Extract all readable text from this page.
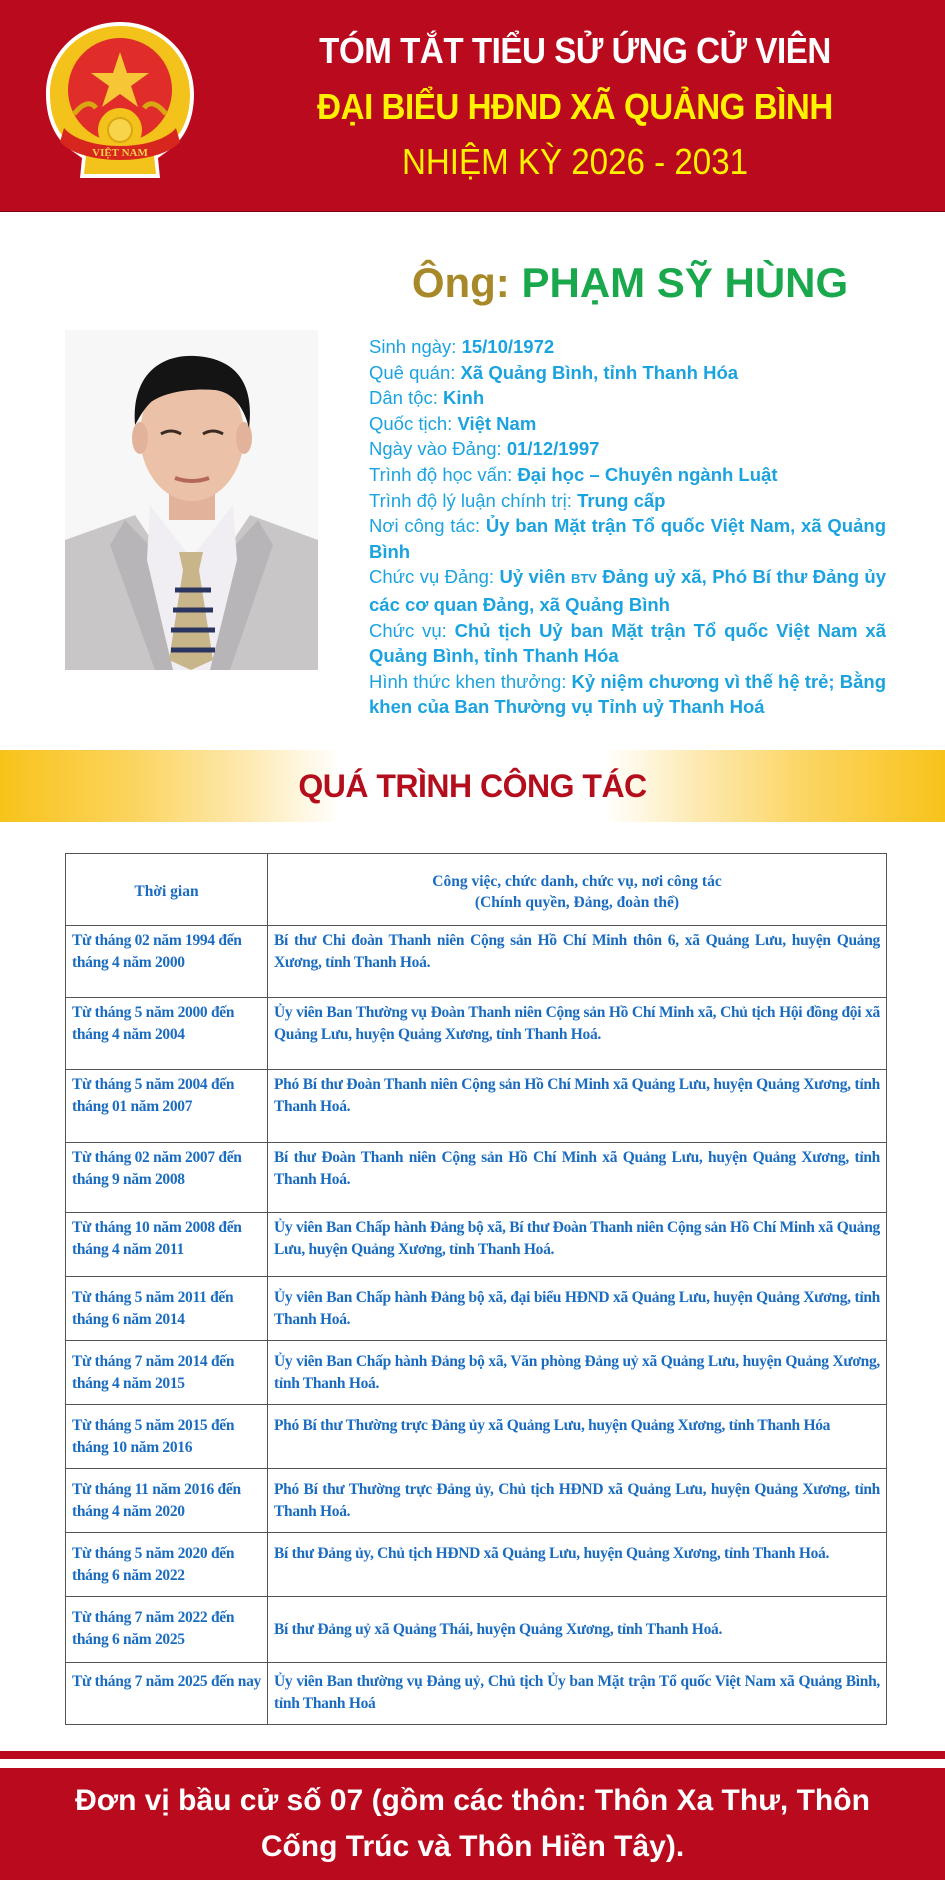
VIỆT NAM
TÓM TẮT TIỂU SỬ ỨNG CỬ VIÊN
ĐẠI BIỂU HĐND XÃ QUẢNG BÌNH
NHIỆM KỲ 2026 - 2031
Ông: PHẠM SỸ HÙNG
Sinh ngày: 15/10/1972
Quê quán: Xã Quảng Bình, tỉnh Thanh Hóa
Dân tộc: Kinh
Quốc tịch: Việt Nam
Ngày vào Đảng: 01/12/1997
Trình độ học vấn: Đại học – Chuyên ngành Luật
Trình độ lý luận chính trị: Trung cấp
Nơi công tác: Ủy ban Mặt trận Tổ quốc Việt Nam, xã Quảng Bình
Chức vụ Đảng: Uỷ viên BTV Đảng uỷ xã, Phó Bí thư Đảng ủy các cơ quan Đảng, xã Quảng Bình
Chức vụ: Chủ tịch Uỷ ban Mặt trận Tổ quốc Việt Nam xã Quảng Bình, tỉnh Thanh Hóa
Hình thức khen thưởng: Kỷ niệm chương vì thế hệ trẻ; Bằng khen của Ban Thường vụ Tỉnh uỷ Thanh Hoá
QUÁ TRÌNH CÔNG TÁC
Thời gian	Công việc, chức danh, chức vụ, nơi công tác
(Chính quyền, Đảng, đoàn thể)

Từ tháng 02 năm 1994 đến tháng 4 năm 2000	Bí thư Chi đoàn Thanh niên Cộng sản Hồ Chí Minh thôn 6, xã Quảng Lưu, huyện Quảng Xương, tỉnh Thanh Hoá.
Từ tháng 5 năm 2000 đến tháng 4 năm 2004	Ủy viên Ban Thường vụ Đoàn Thanh niên Cộng sản Hồ Chí Minh xã, Chủ tịch Hội đồng đội xã Quảng Lưu, huyện Quảng Xương, tỉnh Thanh Hoá.
Từ tháng 5 năm 2004 đến tháng 01 năm 2007	Phó Bí thư Đoàn Thanh niên Cộng sản Hồ Chí Minh xã Quảng Lưu, huyện Quảng Xương, tỉnh Thanh Hoá.
Từ tháng 02 năm 2007 đến tháng 9 năm 2008	Bí thư Đoàn Thanh niên Cộng sản Hồ Chí Minh xã Quảng Lưu, huyện Quảng Xương, tỉnh Thanh Hoá.
Từ tháng 10 năm 2008 đến tháng 4 năm 2011	Ủy viên Ban Chấp hành Đảng bộ xã, Bí thư Đoàn Thanh niên Cộng sản Hồ Chí Minh xã Quảng Lưu, huyện Quảng Xương, tỉnh Thanh Hoá.
Từ tháng 5 năm 2011 đến tháng 6 năm 2014	Ủy viên Ban Chấp hành Đảng bộ xã, đại biểu HĐND xã Quảng Lưu, huyện Quảng Xương, tỉnh Thanh Hoá.
Từ tháng 7 năm 2014 đến tháng 4 năm 2015	Ủy viên Ban Chấp hành Đảng bộ xã, Văn phòng Đảng uỷ xã Quảng Lưu, huyện Quảng Xương, tỉnh Thanh Hoá.
Từ tháng 5 năm 2015 đến tháng 10 năm 2016	Phó Bí thư Thường trực Đảng ủy xã Quảng Lưu, huyện Quảng Xương, tỉnh Thanh Hóa
Từ tháng 11 năm 2016 đến tháng 4 năm 2020	Phó Bí thư Thường trực Đảng ủy, Chủ tịch HĐND xã Quảng Lưu, huyện Quảng Xương, tỉnh Thanh Hoá.
Từ tháng 5 năm 2020 đến tháng 6 năm 2022	Bí thư Đảng ủy, Chủ tịch HĐND xã Quảng Lưu, huyện Quảng Xương, tỉnh Thanh Hoá.
Từ tháng 7 năm 2022 đến tháng 6 năm 2025	Bí thư Đảng uỷ xã Quảng Thái, huyện Quảng Xương, tỉnh Thanh Hoá.
Từ tháng 7 năm 2025 đến nay	Ủy viên Ban thường vụ Đảng uỷ, Chủ tịch Ủy ban Mặt trận Tổ quốc Việt Nam xã Quảng Bình, tỉnh Thanh Hoá
Đơn vị bầu cử số 07 (gồm các thôn: Thôn Xa Thư, Thôn Cống Trúc và Thôn Hiền Tây).
